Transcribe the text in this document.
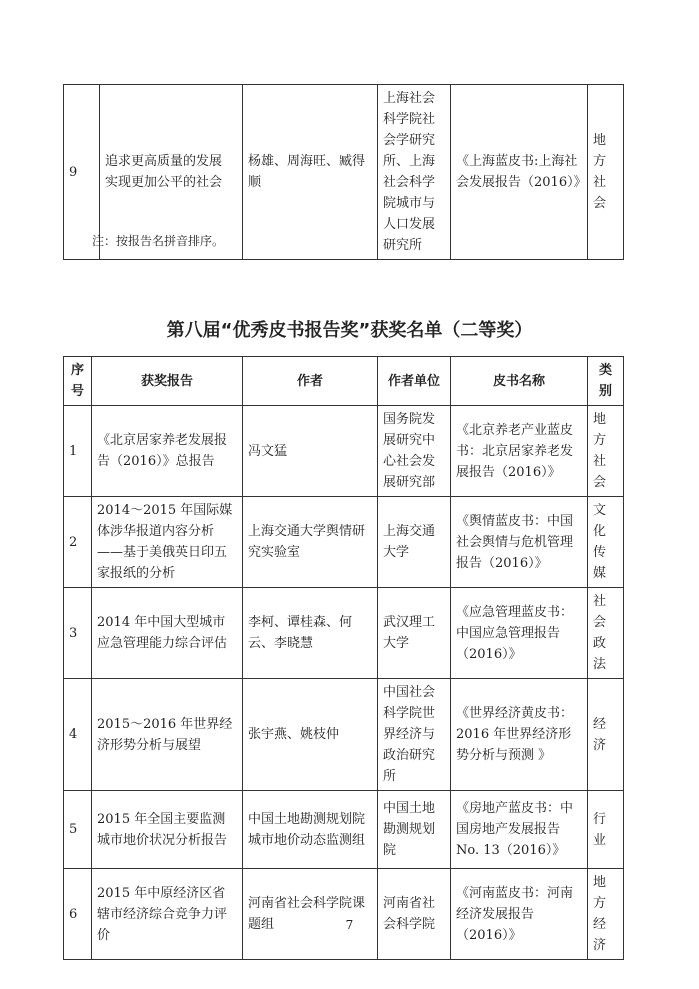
9	追求更高质量的发展 实现更加公平的社会	杨雄、周海旺、臧得顺	上海社会科学院社会学研究所、上海社会科学院城市与人口发展研究所	《上海蓝皮书:上海社会发展报告（2016）》	地方社会
注：按报告名拼音排序。
第八届“优秀皮书报告奖”获奖名单（二等奖）
序号	获奖报告	作者	作者单位	皮书名称	类别
1	《北京居家养老发展报告（2016）》总报告	冯文猛	国务院发展研究中心社会发展研究部	《北京养老产业蓝皮书：北京居家养老发展报告（2016）》	地方社会
2	2014～2015 年国际媒体涉华报道内容分析——基于美俄英日印五家报纸的分析	上海交通大学舆情研究实验室	上海交通大学	《舆情蓝皮书：中国社会舆情与危机管理报告（2016）》	文化传媒
3	2014 年中国大型城市应急管理能力综合评估	李柯、谭桂森、何云、李晓慧	武汉理工大学	《应急管理蓝皮书：中国应急管理报告（2016）》	社会政法
4	2015～2016 年世界经济形势分析与展望	张宇燕、姚枝仲	中国社会科学院世界经济与政治研究所	《世界经济黄皮书：2016 年世界经济形势分析与预测 》	经济
5	2015 年全国主要监测城市地价状况分析报告	中国土地勘测规划院城市地价动态监测组	中国土地勘测规划院	《房地产蓝皮书：中国房地产发展报告 No. 13（2016）》	行业
6	2015 年中原经济区省辖市经济综合竞争力评价	河南省社会科学院课题组	河南省社会科学院	《河南蓝皮书：河南经济发展报告（2016）》	地方经济
7
